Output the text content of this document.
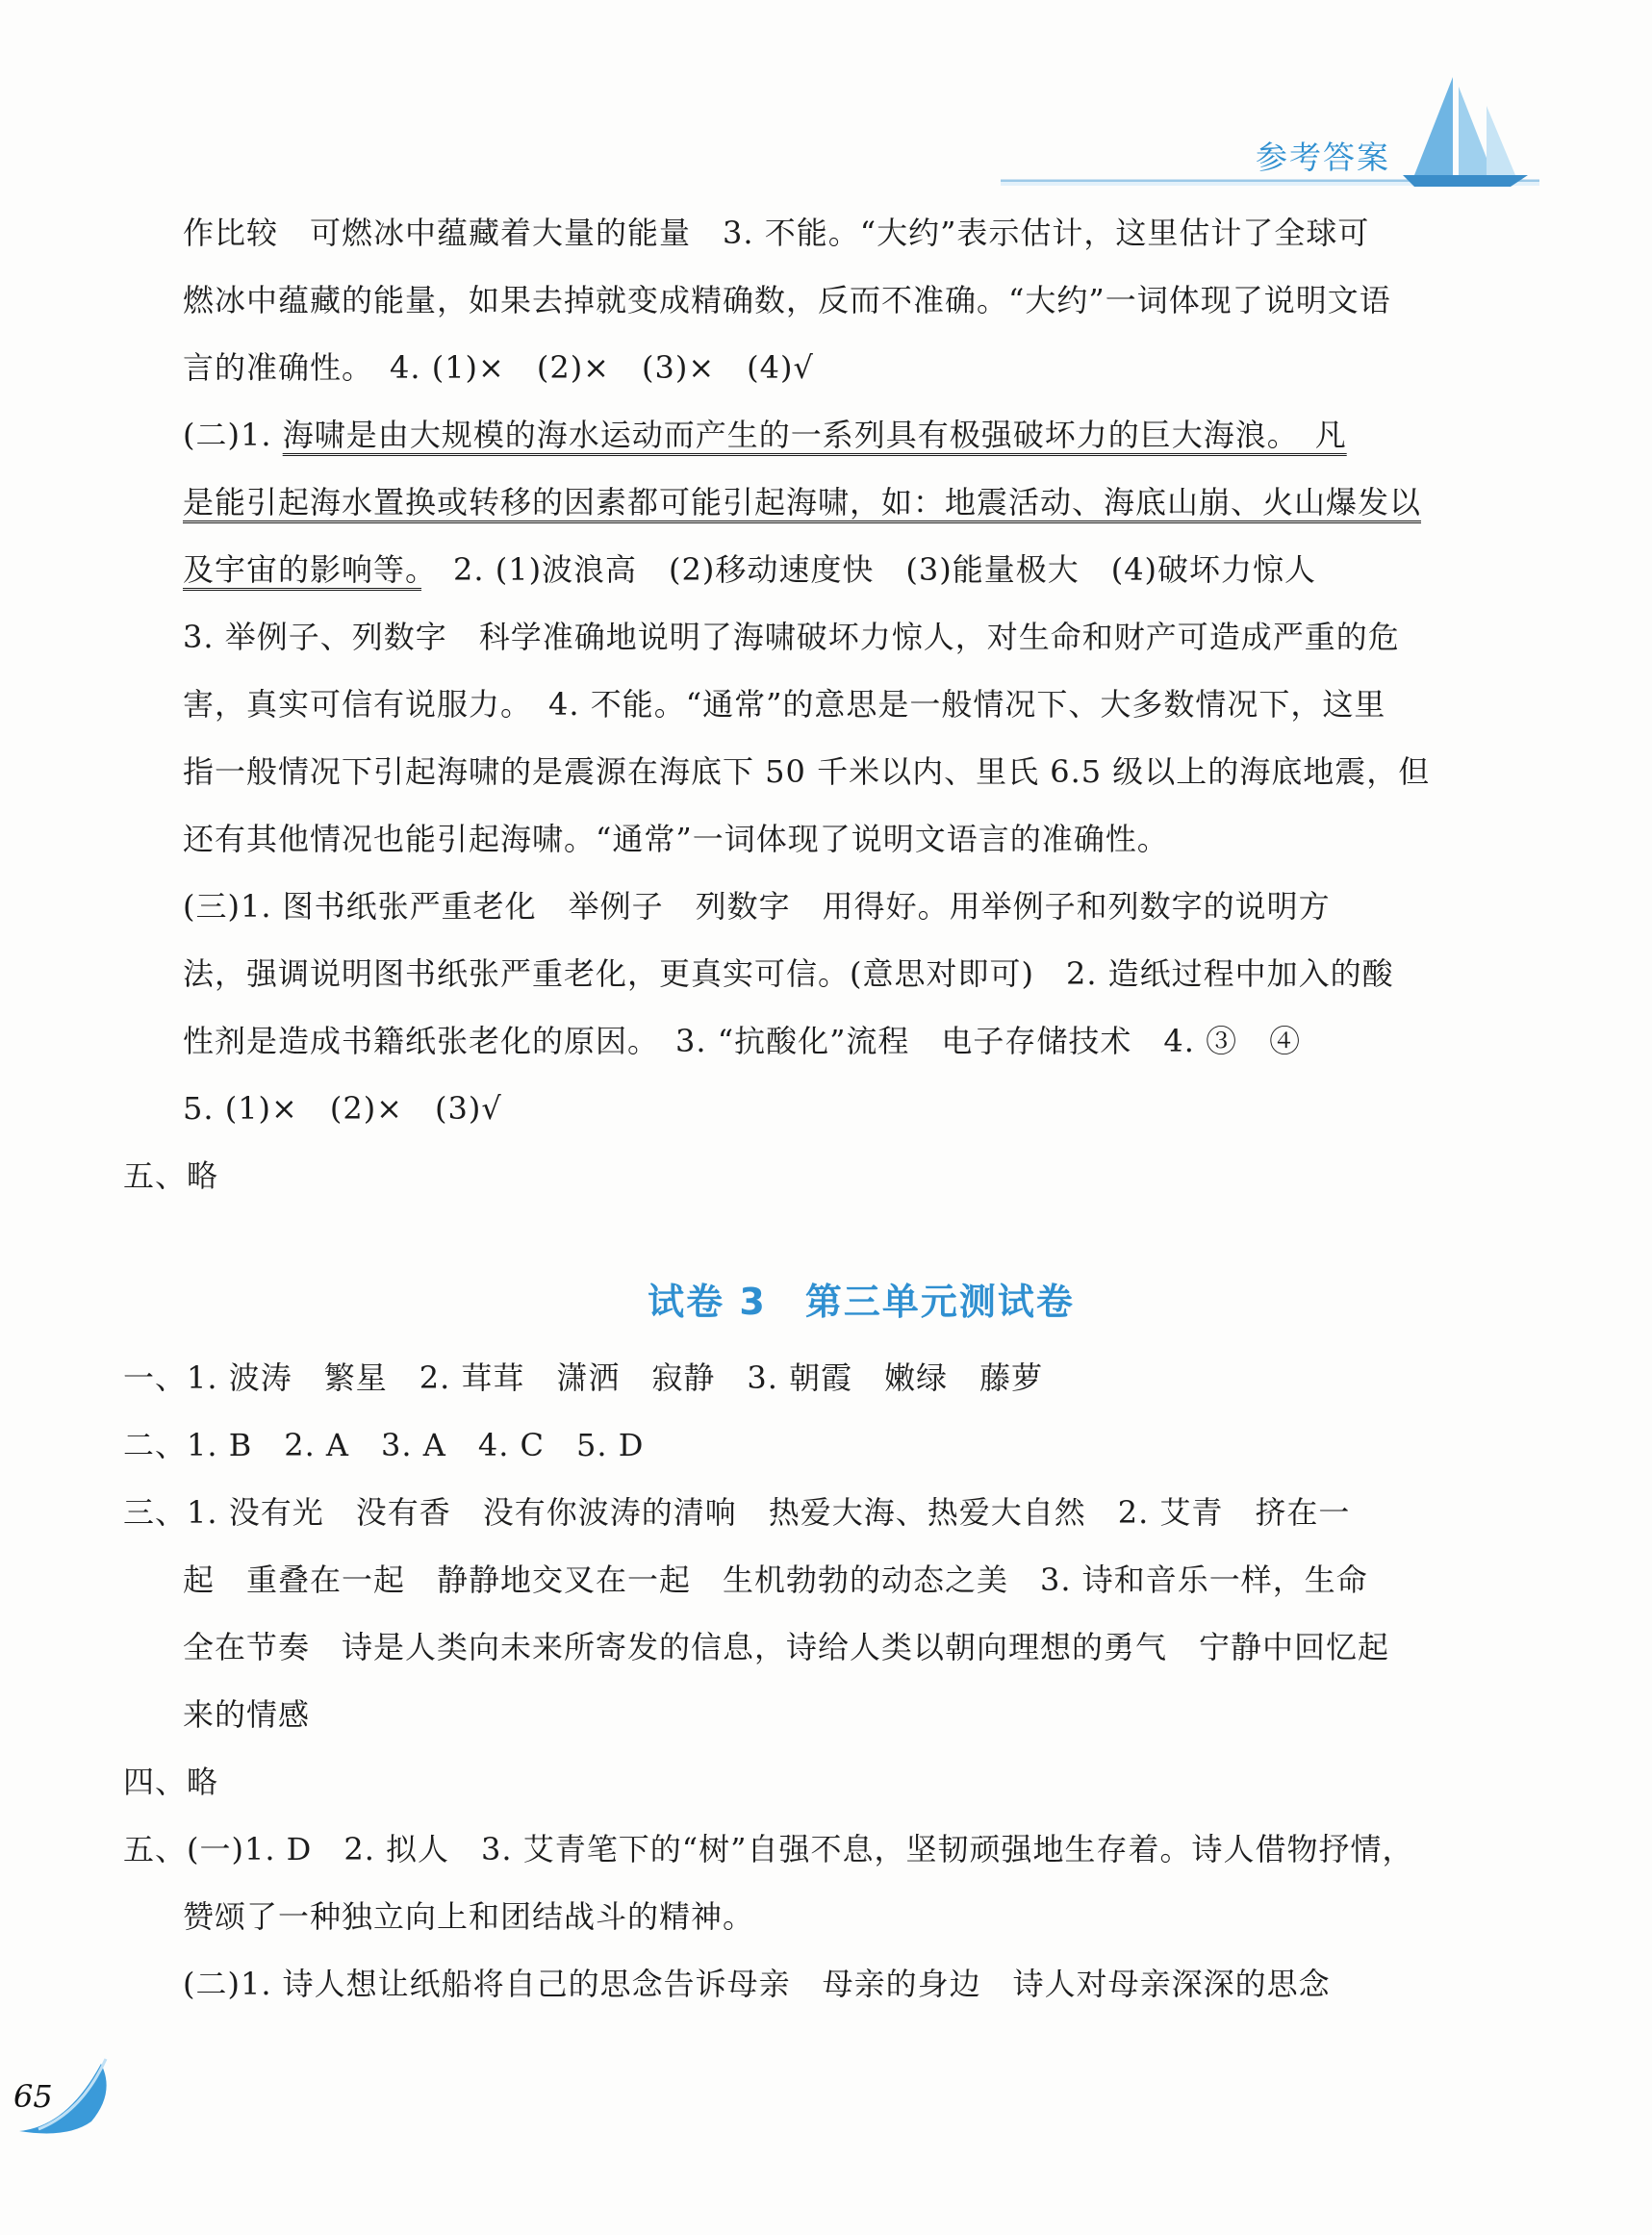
参考答案
作比较　可燃冰中蕴藏着大量的能量　3. 不能。“大约”表示估计，这里估计了全球可
燃冰中蕴藏的能量，如果去掉就变成精确数，反而不准确。“大约”一词体现了说明文语
言的准确性。　4. (1)×　(2)×　(3)×　(4)√
(二)1. 海啸是由大规模的海水运动而产生的一系列具有极强破坏力的巨大海浪。　凡
是能引起海水置换或转移的因素都可能引起海啸，如：地震活动、海底山崩、火山爆发以
及宇宙的影响等。　2. (1)波浪高　(2)移动速度快　(3)能量极大　(4)破坏力惊人
3. 举例子、列数字　科学准确地说明了海啸破坏力惊人，对生命和财产可造成严重的危
害，真实可信有说服力。　4. 不能。“通常”的意思是一般情况下、大多数情况下，这里
指一般情况下引起海啸的是震源在海底下 50 千米以内、里氏 6.5 级以上的海底地震，但
还有其他情况也能引起海啸。“通常”一词体现了说明文语言的准确性。
(三)1. 图书纸张严重老化　举例子　列数字　用得好。用举例子和列数字的说明方
法，强调说明图书纸张严重老化，更真实可信。(意思对即可)　2. 造纸过程中加入的酸
性剂是造成书籍纸张老化的原因。　3. “抗酸化”流程　电子存储技术　4. ③　④
5. (1)×　(2)×　(3)√
五、略
试卷 3　第三单元测试卷
一、1. 波涛　繁星　2. 茸茸　潇洒　寂静　3. 朝霞　嫩绿　藤萝
二、1. B　2. A　3. A　4. C　5. D
三、1. 没有光　没有香　没有你波涛的清响　热爱大海、热爱大自然　2. 艾青　挤在一
起　重叠在一起　静静地交叉在一起　生机勃勃的动态之美　3. 诗和音乐一样，生命
全在节奏　诗是人类向未来所寄发的信息，诗给人类以朝向理想的勇气　宁静中回忆起
来的情感
四、略
五、(一)1. D　2. 拟人　3. 艾青笔下的“树”自强不息，坚韧顽强地生存着。诗人借物抒情，
赞颂了一种独立向上和团结战斗的精神。
(二)1. 诗人想让纸船将自己的思念告诉母亲　母亲的身边　诗人对母亲深深的思念
65
